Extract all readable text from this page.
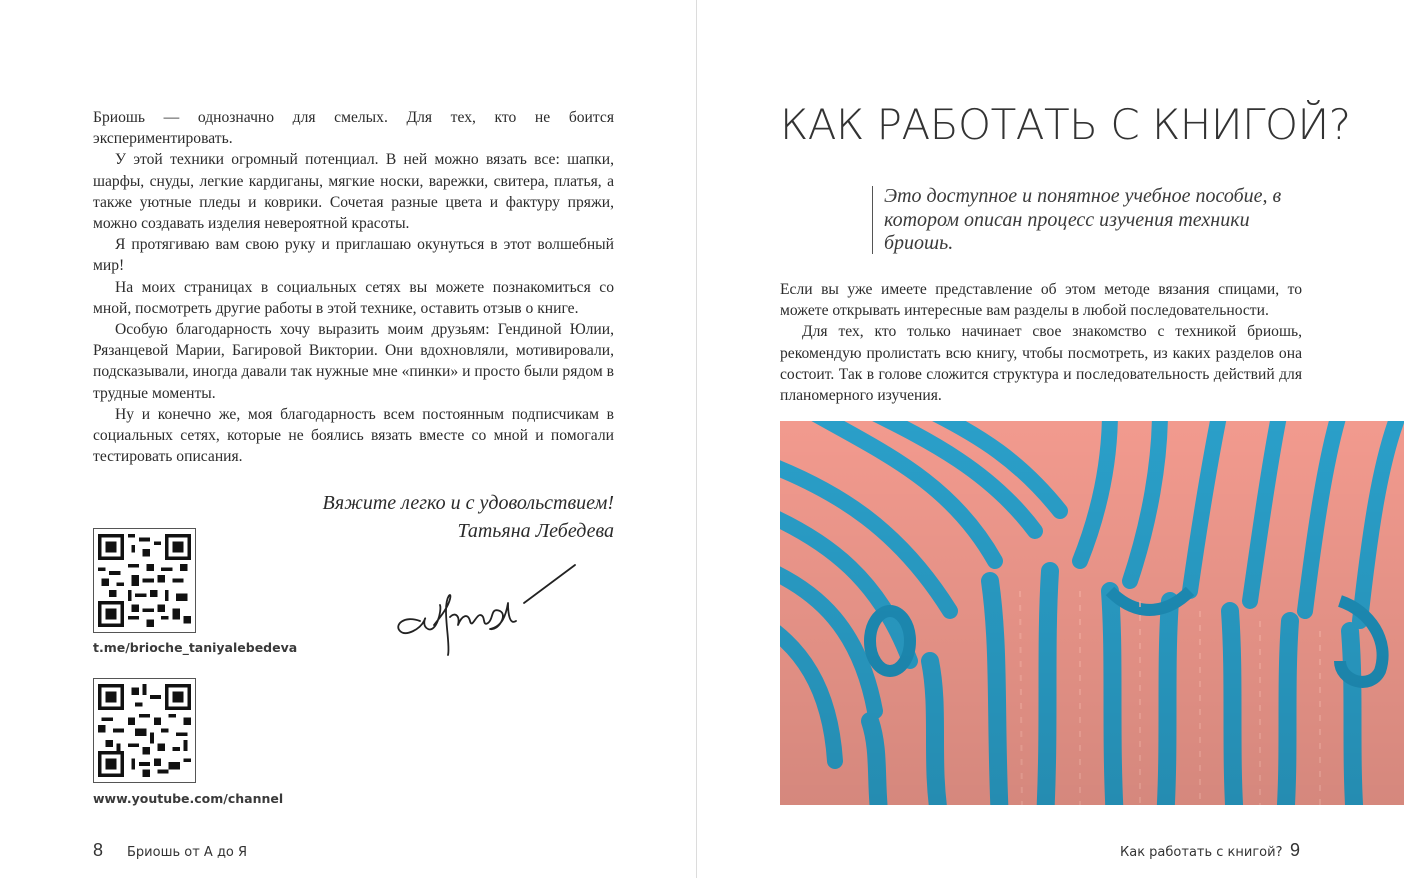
Бриошь — однозначно для смелых. Для тех, кто не боится экспериментировать.

У этой техники огромный потенциал. В ней можно вязать все: шапки, шарфы, снуды, легкие кардиганы, мягкие носки, варежки, свитера, платья, а также уютные пледы и коврики. Сочетая разные цвета и фактуру пряжи, можно создавать изделия невероятной красоты.

Я протягиваю вам свою руку и приглашаю окунуться в этот волшебный мир!

На моих страницах в социальных сетях вы можете познакомиться со мной, посмотреть другие работы в этой технике, оставить отзыв о книге.

Особую благодарность хочу выразить моим друзьям: Гендиной Юлии, Рязанцевой Марии, Багировой Виктории. Они вдохновляли, мотивировали, подсказывали, иногда давали так нужные мне «пинки» и просто были рядом в трудные моменты.

Ну и конечно же, моя благодарность всем постоянным подписчикам в социальных сетях, которые не боялись вязать вместе со мной и помогали тестировать описания.

Вяжите легко и с удовольствием!
Татьяна Лебедева
t.me/brioche_taniyalebedeva
www.youtube.com/channel
8 Бриошь от А до Я
КАК РАБОТАТЬ С КНИГОЙ?
Это доступное и понятное учебное пособие, в котором описан процесс изучения техники бриошь.

Если вы уже имеете представление об этом методе вязания спицами, то можете открывать интересные вам разделы в любой последовательности.

Для тех, кто только начинает свое знакомство с техникой бриошь, рекомендую пролистать всю книгу, чтобы посмотреть, из каких разделов она состоит. Так в голове сложится структура и последовательность действий для планомерного изучения.

Как работать с книгой? 9
